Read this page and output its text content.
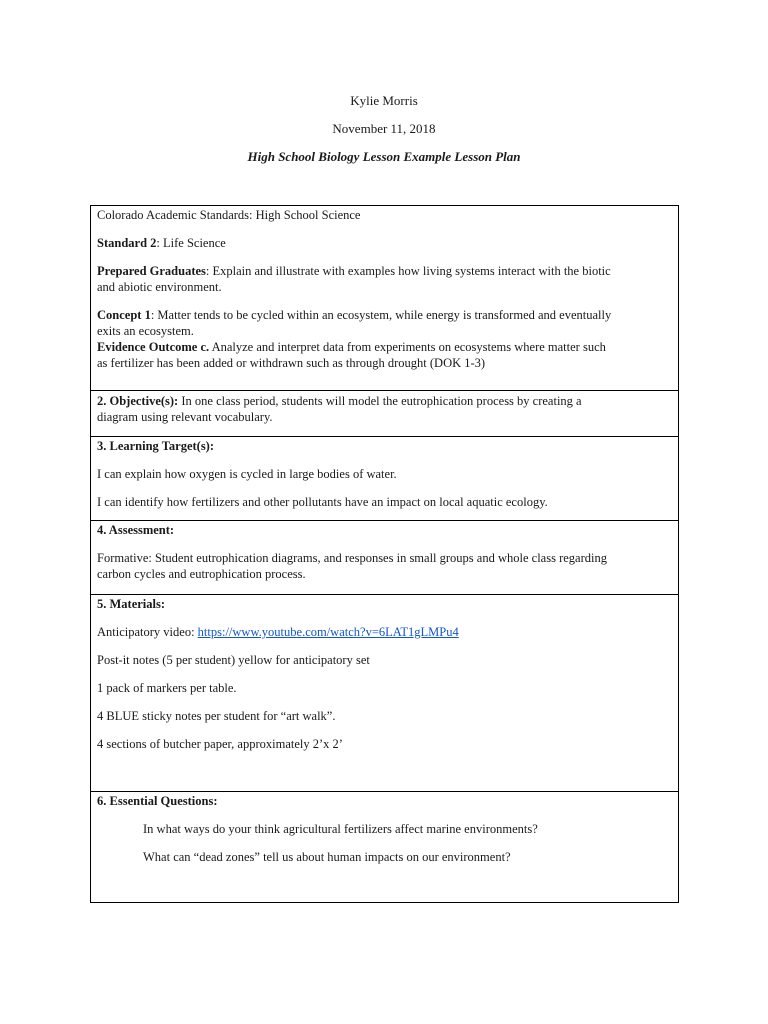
Kylie Morris
November 11, 2018
High School Biology Lesson Example Lesson Plan

Colorado Academic Standards: High School Science

Standard 2: Life Science

Prepared Graduates: Explain and illustrate with examples how living systems interact with the biotic

and abiotic environment.

Concept 1: Matter tends to be cycled within an ecosystem, while energy is transformed and eventually

exits an ecosystem.

Evidence Outcome c. Analyze and interpret data from experiments on ecosystems where matter such

as fertilizer has been added or withdrawn such as through drought (DOK 1-3)

2. Objective(s): In one class period, students will model the eutrophication process by creating a

diagram using relevant vocabulary.

3. Learning Target(s):

I can explain how oxygen is cycled in large bodies of water.

I can identify how fertilizers and other pollutants have an impact on local aquatic ecology.

4. Assessment:

Formative: Student eutrophication diagrams, and responses in small groups and whole class regarding

carbon cycles and eutrophication process.

5. Materials:

Anticipatory video: https://www.youtube.com/watch?v=6LAT1gLMPu4

Post-it notes (5 per student) yellow for anticipatory set

1 pack of markers per table.

4 BLUE sticky notes per student for “art walk”.

4 sections of butcher paper, approximately 2’x 2’

6. Essential Questions:

In what ways do your think agricultural fertilizers affect marine environments?

What can “dead zones” tell us about human impacts on our environment?
